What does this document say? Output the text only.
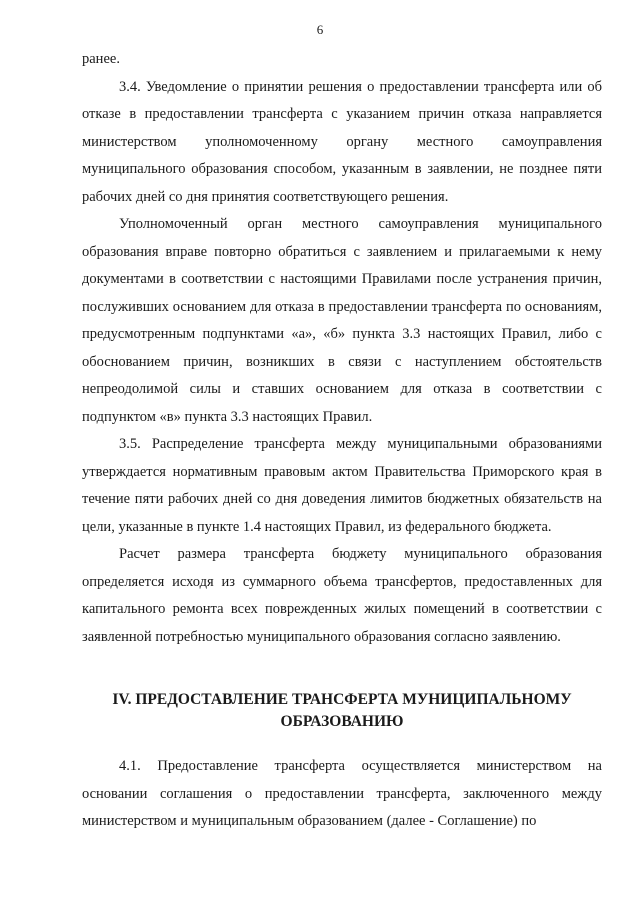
6

ранее.

3.4. Уведомление о принятии решения о предоставлении трансферта или об отказе в предоставлении трансферта с указанием причин отказа направляется министерством уполномоченному органу местного самоуправления муниципального образования способом, указанным в заявлении, не позднее пяти рабочих дней со дня принятия соответствующего решения.

Уполномоченный орган местного самоуправления муниципального образования вправе повторно обратиться с заявлением и прилагаемыми к нему документами в соответствии с настоящими Правилами после устранения причин, послуживших основанием для отказа в предоставлении трансферта по основаниям, предусмотренным подпунктами «а», «б» пункта 3.3 настоящих Правил, либо с обоснованием причин, возникших в связи с наступлением обстоятельств непреодолимой силы и ставших основанием для отказа в соответствии с подпунктом «в» пункта 3.3 настоящих Правил.

3.5. Распределение трансферта между муниципальными образованиями утверждается нормативным правовым актом Правительства Приморского края в течение пяти рабочих дней со дня доведения лимитов бюджетных обязательств на цели, указанные в пункте 1.4 настоящих Правил, из федерального бюджета.

Расчет размера трансферта бюджету муниципального образования определяется исходя из суммарного объема трансфертов, предоставленных для капитального ремонта всех поврежденных жилых помещений в соответствии с заявленной потребностью муниципального образования согласно заявлению.

IV. ПРЕДОСТАВЛЕНИЕ ТРАНСФЕРТА МУНИЦИПАЛЬНОМУ
ОБРАЗОВАНИЮ

4.1. Предоставление трансферта осуществляется министерством на основании соглашения о предоставлении трансферта, заключенного между министерством и муниципальным образованием (далее - Соглашение) по
